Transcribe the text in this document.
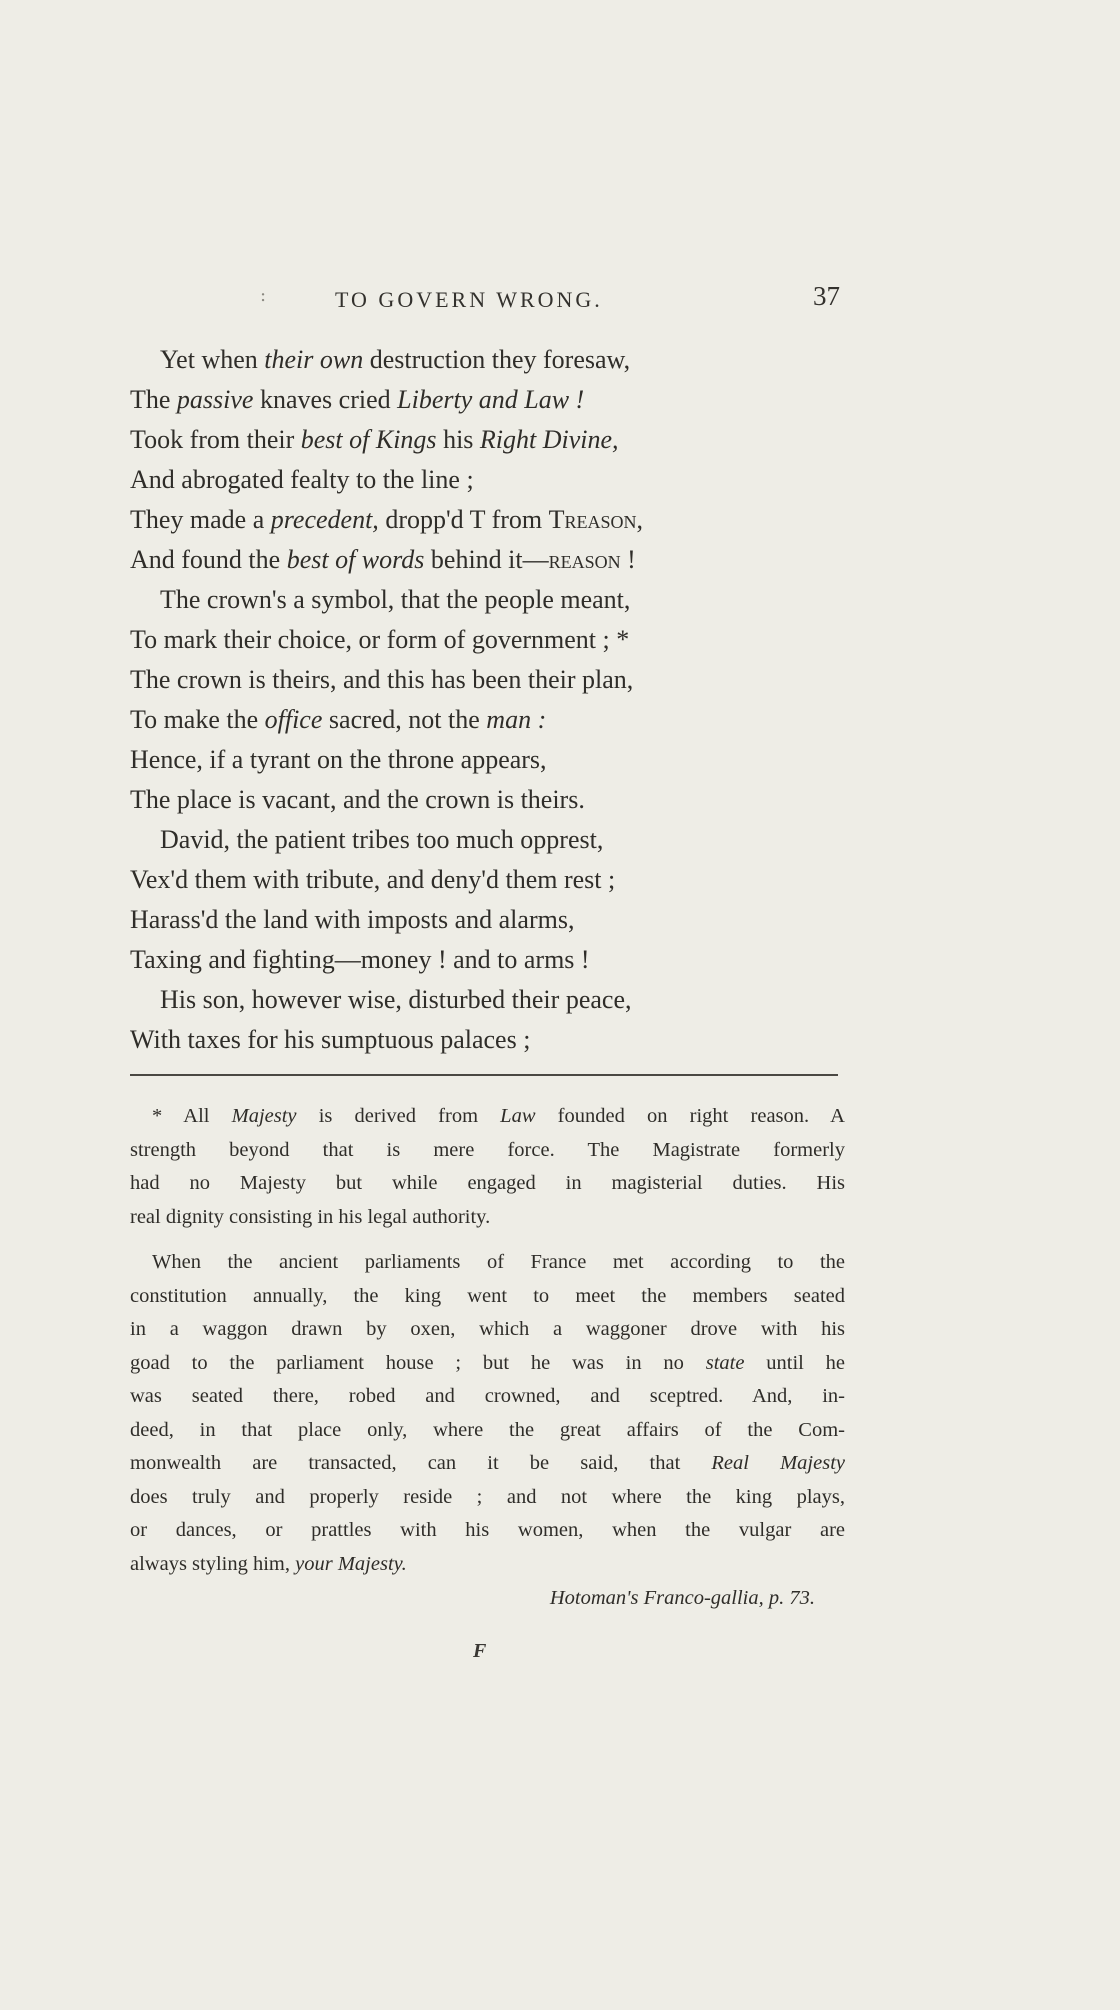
:	TO GOVERN WRONG.	37
Yet when their own destruction they foresaw,
The passive knaves cried Liberty and Law !
Took from their best of Kings his Right Divine,
And abrogated fealty to the line ;
They made a precedent, dropp'd T from Treason,
And found the best of words behind it—reason !
The crown's a symbol, that the people meant,
To mark their choice, or form of government ; *
The crown is theirs, and this has been their plan,
To make the office sacred, not the man :
Hence, if a tyrant on the throne appears,
The place is vacant, and the crown is theirs.
David, the patient tribes too much opprest,
Vex'd them with tribute, and deny'd them rest ;
Harass'd the land with imposts and alarms,
Taxing and fighting—money ! and to arms !
His son, however wise, disturbed their peace,
With taxes for his sumptuous palaces ;
* All Majesty is derived from Law founded on right reason. A
strength beyond that is mere force. The Magistrate formerly
had no Majesty but while engaged in magisterial duties. His
real dignity consisting in his legal authority.
When the ancient parliaments of France met according to the
constitution annually, the king went to meet the members seated
in a waggon drawn by oxen, which a waggoner drove with his
goad to the parliament house ; but he was in no state until he
was seated there, robed and crowned, and sceptred. And, in-
deed, in that place only, where the great affairs of the Com-
monwealth are transacted, can it be said, that Real Majesty
does truly and properly reside ; and not where the king plays,
or dances, or prattles with his women, when the vulgar are
always styling him, your Majesty.
Hotoman's Franco-gallia, p. 73.
F
